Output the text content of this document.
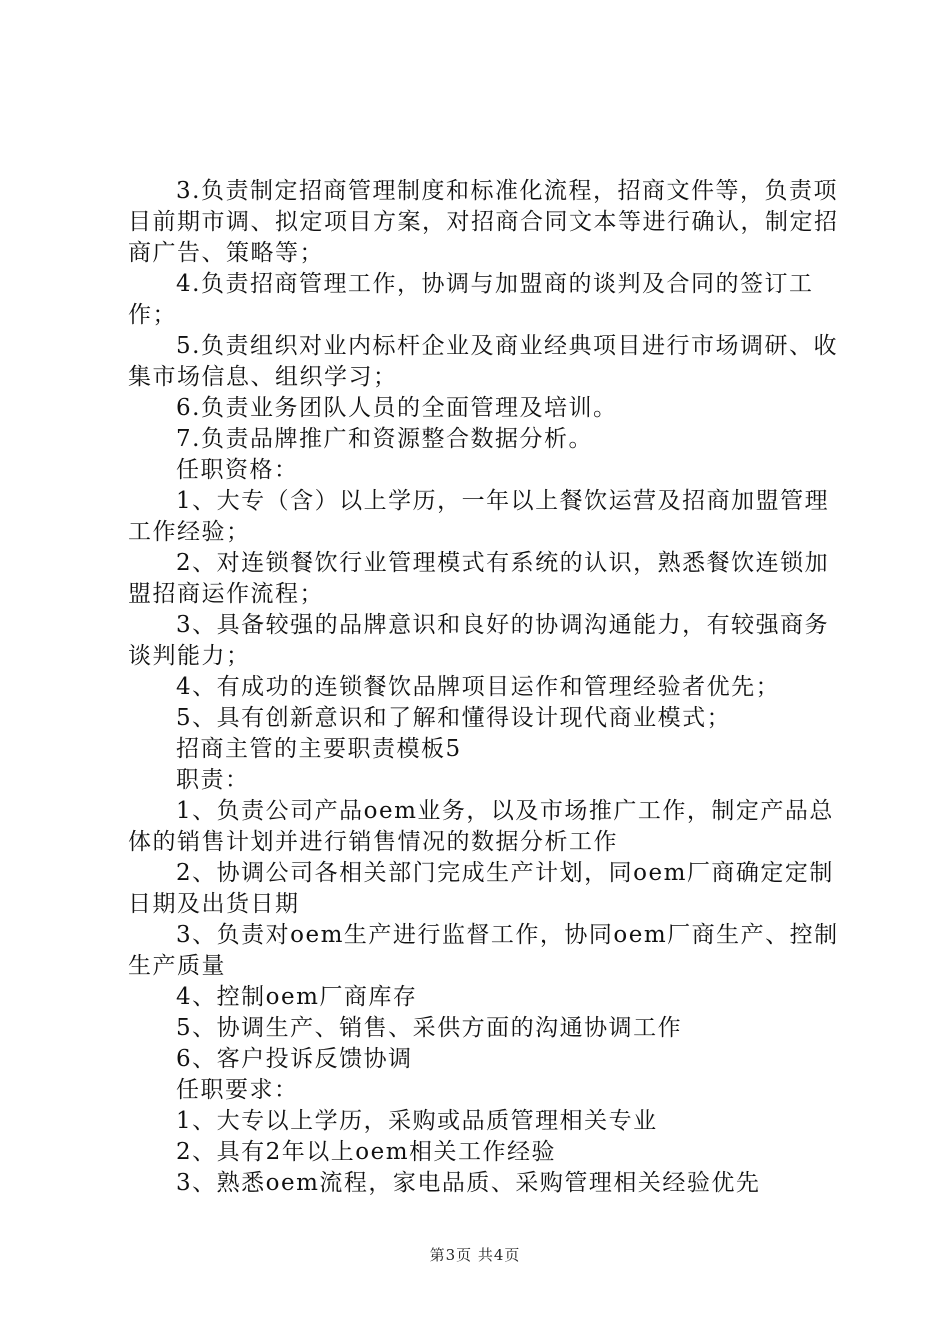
3.负责制定招商管理制度和标准化流程，招商文件等，负责项目前期市调、拟定项目方案，对招商合同文本等进行确认，制定招商广告、策略等；

4.负责招商管理工作，协调与加盟商的谈判及合同的签订工作；

5.负责组织对业内标杆企业及商业经典项目进行市场调研、收集市场信息、组织学习；

6.负责业务团队人员的全面管理及培训。

7.负责品牌推广和资源整合数据分析。

任职资格：

1、大专（含）以上学历，一年以上餐饮运营及招商加盟管理工作经验；

2、对连锁餐饮行业管理模式有系统的认识，熟悉餐饮连锁加盟招商运作流程；

3、具备较强的品牌意识和良好的协调沟通能力，有较强商务谈判能力；

4、有成功的连锁餐饮品牌项目运作和管理经验者优先；

5、具有创新意识和了解和懂得设计现代商业模式；

招商主管的主要职责模板5

职责：

1、负责公司产品oem业务，以及市场推广工作，制定产品总体的销售计划并进行销售情况的数据分析工作

2、协调公司各相关部门完成生产计划，同oem厂商确定定制日期及出货日期

3、负责对oem生产进行监督工作，协同oem厂商生产、控制生产质量

4、控制oem厂商库存

5、协调生产、销售、采供方面的沟通协调工作

6、客户投诉反馈协调

任职要求：

1、大专以上学历，采购或品质管理相关专业

2、具有2年以上oem相关工作经验

3、熟悉oem流程，家电品质、采购管理相关经验优先

第3页 共4页
